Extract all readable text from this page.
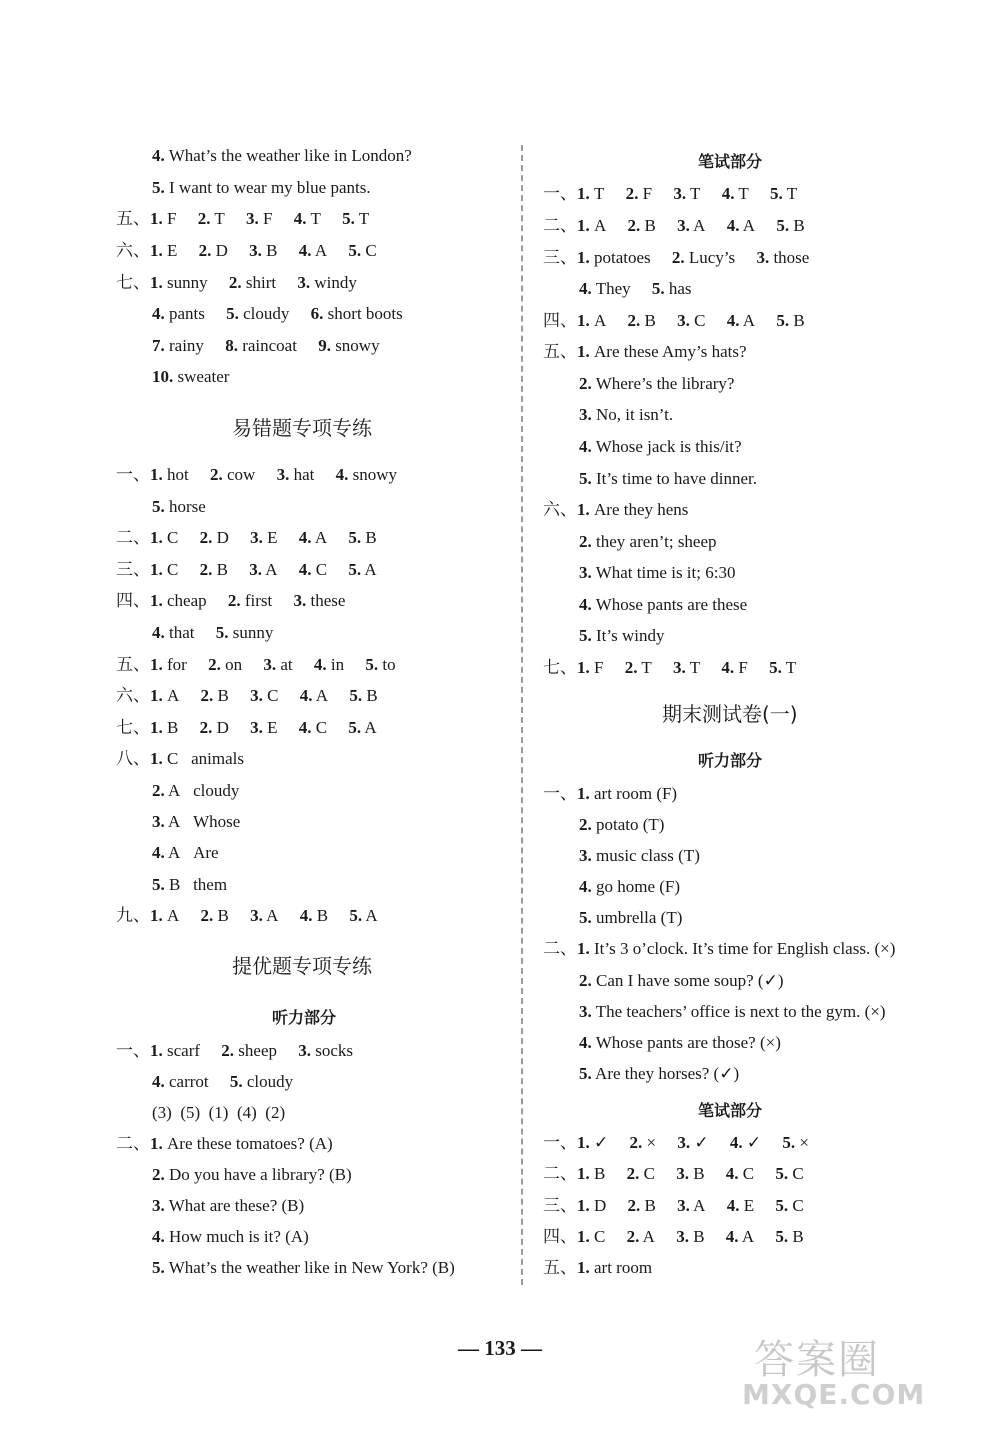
4. What’s the weather like in London?
5. I want to wear my blue pants.
五、1. F     2. T     3. F     4. T     5. T
六、1. E     2. D     3. B     4. A     5. C
七、1. sunny     2. shirt     3. windy
4. pants     5. cloudy     6. short boots
7. rainy     8. raincoat     9. snowy
10. sweater
易错题专项专练
一、1. hot     2. cow     3. hat     4. snowy
5. horse
二、1. C     2. D     3. E     4. A     5. B
三、1. C     2. B     3. A     4. C     5. A
四、1. cheap     2. first     3. these
4. that     5. sunny
五、1. for     2. on     3. at     4. in     5. to
六、1. A     2. B     3. C     4. A     5. B
七、1. B     2. D     3. E     4. C     5. A
八、1. C   animals
2. A   cloudy
3. A   Whose
4. A   Are
5. B   them
九、1. A     2. B     3. A     4. B     5. A
提优题专项专练
听力部分
一、1. scarf     2. sheep     3. socks
4. carrot     5. cloudy
(3)  (5)  (1)  (4)  (2)
二、1. Are these tomatoes? (A)
2. Do you have a library? (B)
3. What are these? (B)
4. How much is it? (A)
5. What’s the weather like in New York? (B)
笔试部分
一、1. T     2. F     3. T     4. T     5. T
二、1. A     2. B     3. A     4. A     5. B
三、1. potatoes     2. Lucy’s     3. those
4. They     5. has
四、1. A     2. B     3. C     4. A     5. B
五、1. Are these Amy’s hats?
2. Where’s the library?
3. No, it isn’t.
4. Whose jack is this/it?
5. It’s time to have dinner.
六、1. Are they hens
2. they aren’t; sheep
3. What time is it; 6:30
4. Whose pants are these
5. It’s windy
七、1. F     2. T     3. T     4. F     5. T
期末测试卷(一)
听力部分
一、1. art room (F)
2. potato (T)
3. music class (T)
4. go home (F)
5. umbrella (T)
二、1. It’s 3 o’clock. It’s time for English class. (×)
2. Can I have some soup? (✓)
3. The teachers’ office is next to the gym. (×)
4. Whose pants are those? (×)
5. Are they horses? (✓)
笔试部分
一、1. ✓     2. ×     3. ✓     4. ✓     5. ×
二、1. B     2. C     3. B     4. C     5. C
三、1. D     2. B     3. A     4. E     5. C
四、1. C     2. A     3. B     4. A     5. B
五、1. art room
— 133 —	答案圈
MXQE.COM
